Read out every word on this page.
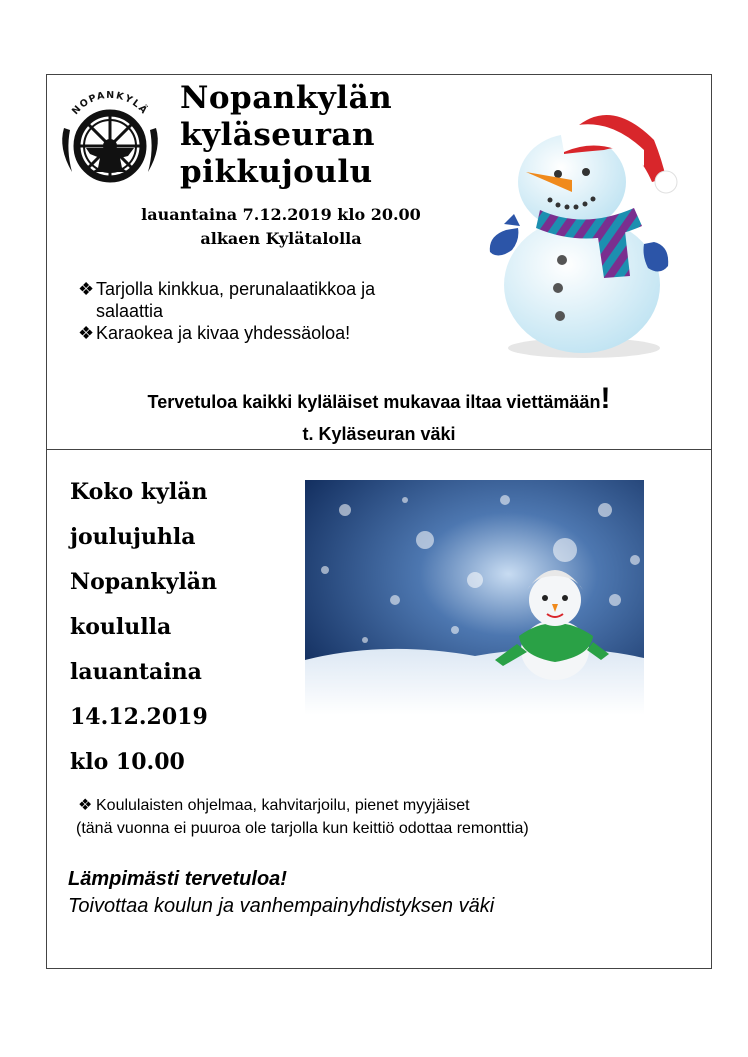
NOPANKYLÄ Nopankylän
kyläseuran
pikkujoulu
lauantaina 7.12.2019 klo 20.00
alkaen Kylätalolla
❖ Tarjolla kinkkua, perunalaatikkoa ja
salaattia
❖ Karaokea ja kivaa yhdessäoloa!
Tervetuloa kaikki kyläläiset mukavaa iltaa viettämään!
t. Kyläseuran väki
Koko kylän
joulujuhla
Nopankylän
koululla
lauantaina
14.12.2019
klo 10.00
❖ Koululaisten ohjelmaa, kahvitarjoilu, pienet myyjäiset
(tänä vuonna ei puuroa ole tarjolla kun keittiö odottaa remonttia)
Lämpimästi tervetuloa!
Toivottaa koulun ja vanhempainyhdistyksen väki
